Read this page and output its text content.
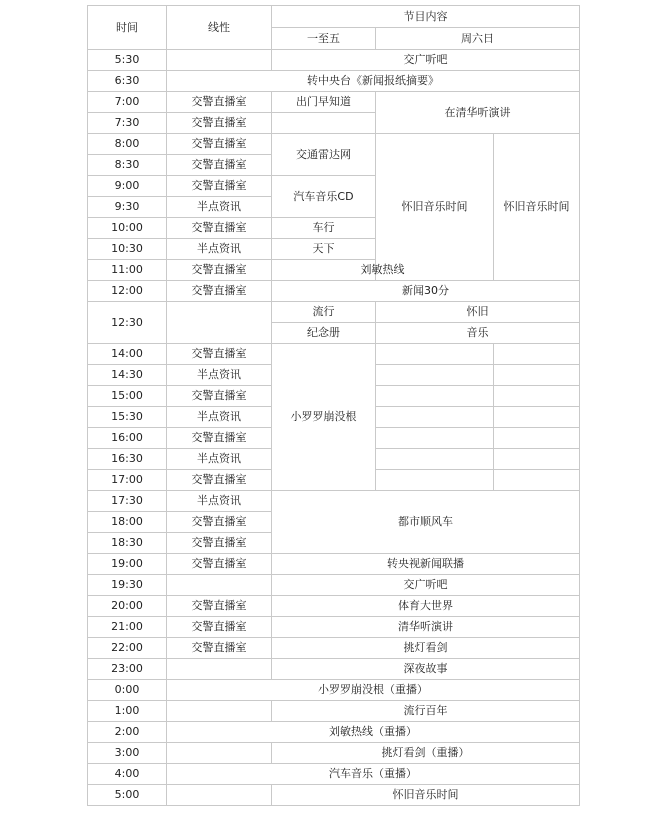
时间	线性	节目内容		
		一至五	周六日	
5:30		交广听吧		
6:30	转中央台《新闻报纸摘要》			
7:00	交警直播室	出门早知道	在清华听演讲	
7:30	交警直播室			
8:00	交警直播室	交通雷达网	怀旧音乐时间	怀旧音乐时间
8:30	交警直播室			
9:00	交警直播室	汽车音乐CD		
9:30	半点资讯			
10:00	交警直播室	车行		
10:30	半点资讯	天下		
11:00	交警直播室	刘敏热线		
12:00	交警直播室	新闻30分		
12:30		流行	怀旧	
		纪念册	音乐	
14:00	交警直播室	小罗罗崩没根		
14:30	半点资讯			
15:00	交警直播室			
15:30	半点资讯			
16:00	交警直播室			
16:30	半点资讯			
17:00	交警直播室			
17:30	半点资讯	都市顺风车		
18:00	交警直播室			
18:30	交警直播室			
19:00	交警直播室	转央视新闻联播		
19:30		交广听吧		
20:00	交警直播室	体育大世界		
21:00	交警直播室	清华听演讲		
22:00	交警直播室	挑灯看剑		
23:00		深夜故事		
0:00	小罗罗崩没根（重播）			
1:00		流行百年		
2:00	刘敏热线（重播）			
3:00		挑灯看剑（重播）		
4:00	汽车音乐（重播）			
5:00		怀旧音乐时间		
